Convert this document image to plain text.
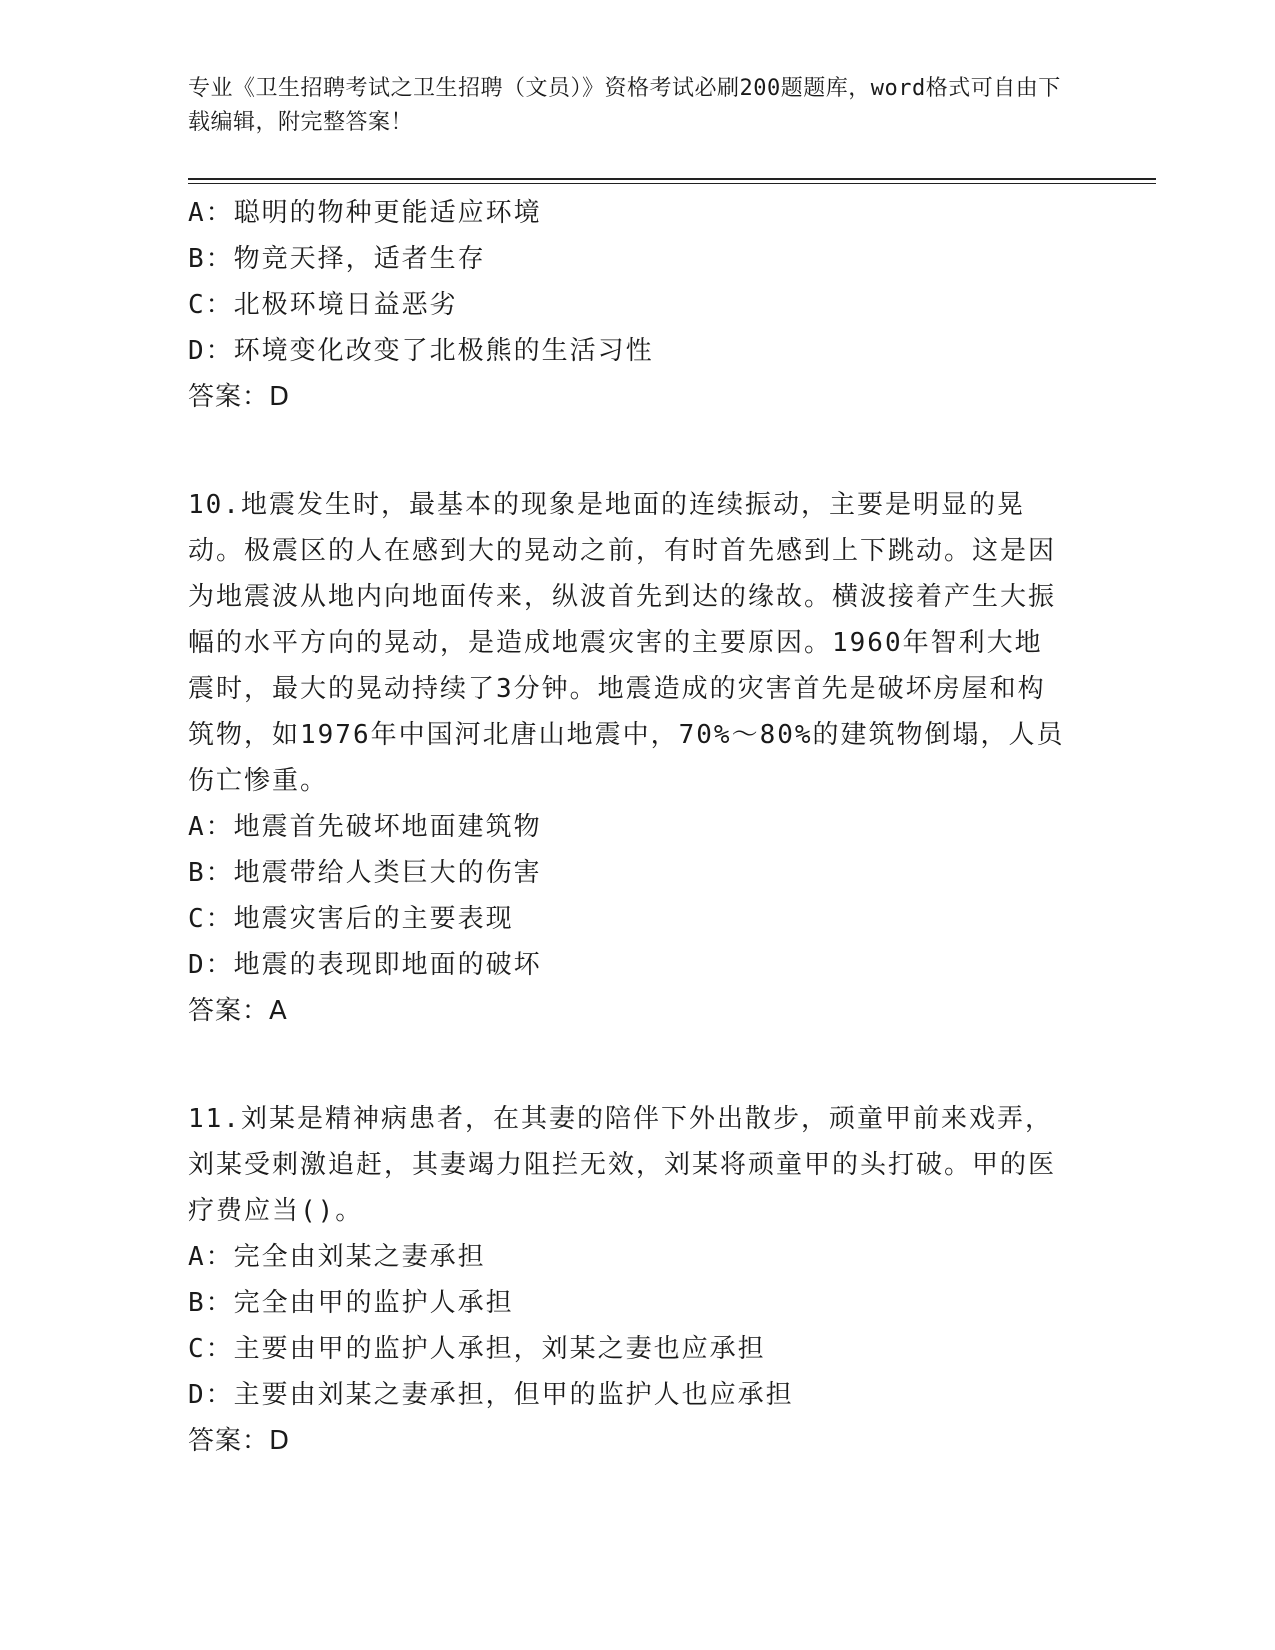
专业《卫生招聘考试之卫生招聘（文员）》资格考试必刷200题题库，word格式可自由下载编辑，附完整答案！
A：聪明的物种更能适应环境
B：物竞天择，适者生存
C：北极环境日益恶劣
D：环境变化改变了北极熊的生活习性
答案：D
10.地震发生时，最基本的现象是地面的连续振动，主要是明显的晃动。极震区的人在感到大的晃动之前，有时首先感到上下跳动。这是因为地震波从地内向地面传来，纵波首先到达的缘故。横波接着产生大振幅的水平方向的晃动，是造成地震灾害的主要原因。1960年智利大地震时，最大的晃动持续了3分钟。地震造成的灾害首先是破坏房屋和构筑物，如1976年中国河北唐山地震中，70%～80%的建筑物倒塌，人员伤亡惨重。
A：地震首先破坏地面建筑物
B：地震带给人类巨大的伤害
C：地震灾害后的主要表现
D：地震的表现即地面的破坏
答案：A
11.刘某是精神病患者，在其妻的陪伴下外出散步，顽童甲前来戏弄，刘某受刺激追赶，其妻竭力阻拦无效，刘某将顽童甲的头打破。甲的医疗费应当()。
A：完全由刘某之妻承担
B：完全由甲的监护人承担
C：主要由甲的监护人承担，刘某之妻也应承担
D：主要由刘某之妻承担，但甲的监护人也应承担
答案：D
